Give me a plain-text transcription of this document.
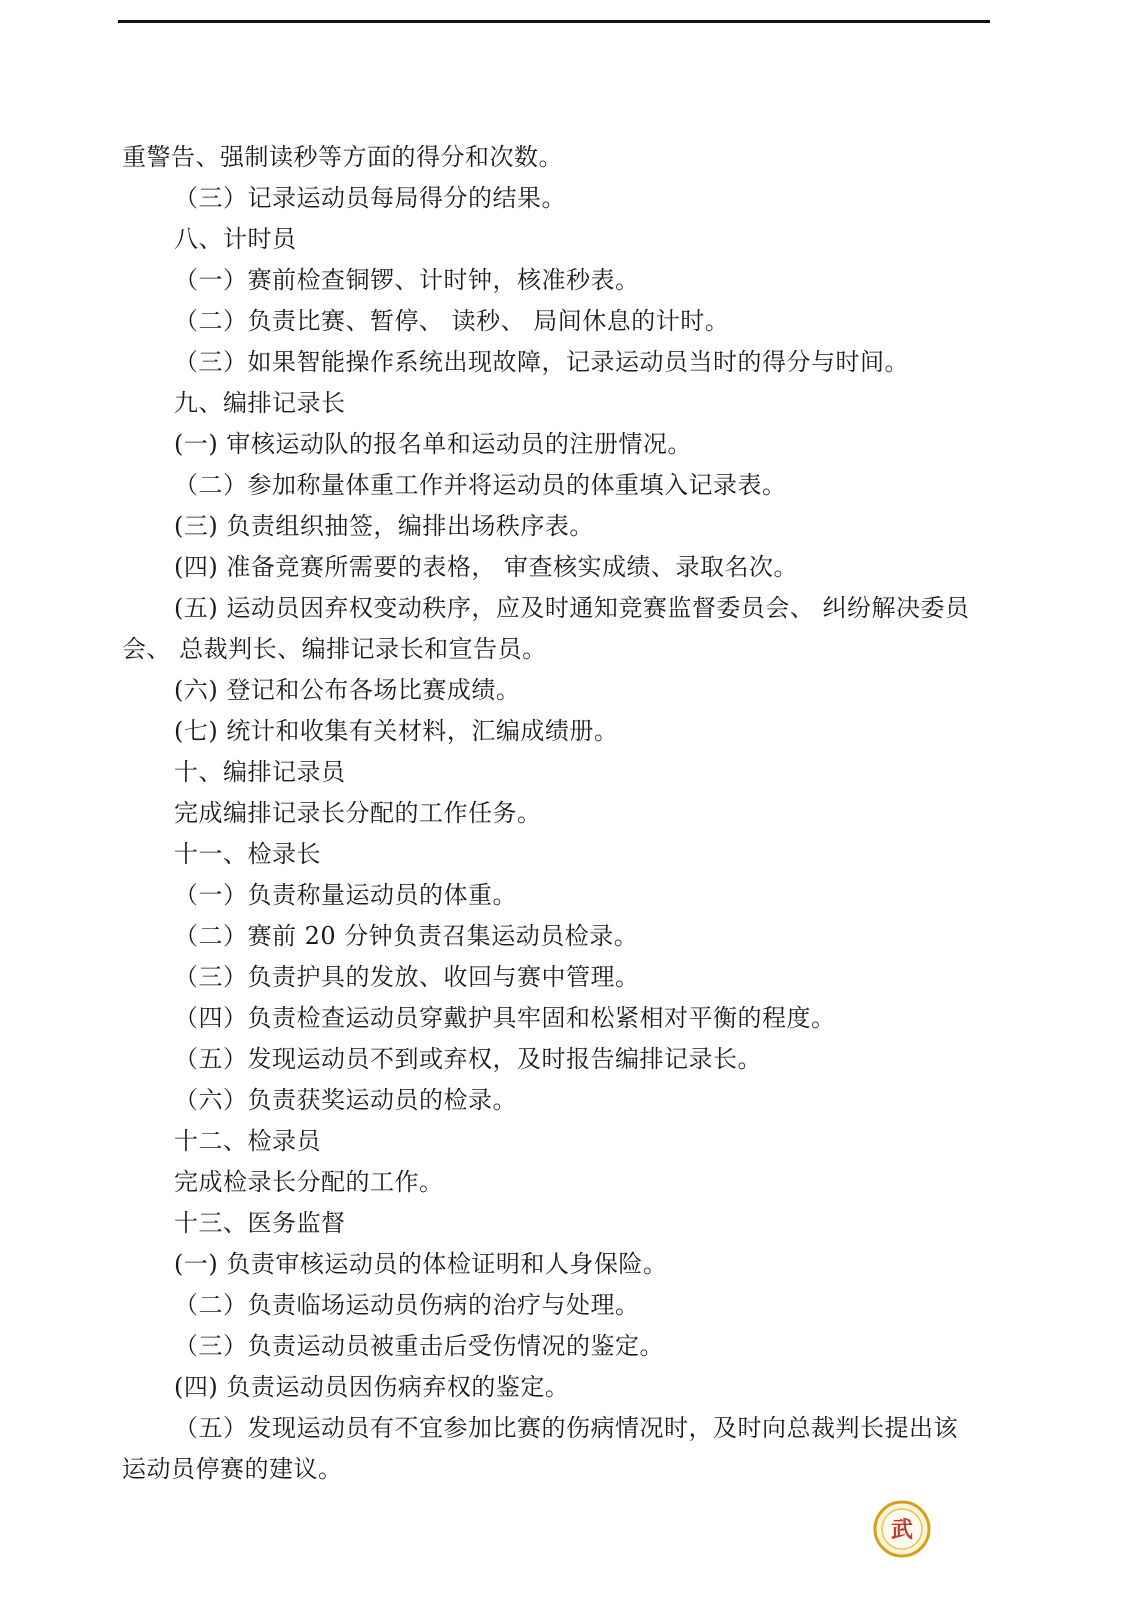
重警告、强制读秒等方面的得分和次数。

（三）记录运动员每局得分的结果。

八、计时员

（一）赛前检查铜锣、计时钟，核准秒表。

（二）负责比赛、暂停、 读秒、 局间休息的计时。

（三）如果智能操作系统出现故障，记录运动员当时的得分与时间。

九、编排记录长

(一) 审核运动队的报名单和运动员的注册情况。

（二）参加称量体重工作并将运动员的体重填入记录表。

(三) 负责组织抽签，编排出场秩序表。

(四) 准备竞赛所需要的表格， 审查核实成绩、录取名次。

(五) 运动员因弃权变动秩序，应及时通知竞赛监督委员会、 纠纷解决委员会、 总裁判长、编排记录长和宣告员。

(六) 登记和公布各场比赛成绩。

(七) 统计和收集有关材料，汇编成绩册。

十、编排记录员

完成编排记录长分配的工作任务。

十一、检录长

（一）负责称量运动员的体重。

（二）赛前 20 分钟负责召集运动员检录。

（三）负责护具的发放、收回与赛中管理。

（四）负责检查运动员穿戴护具牢固和松紧相对平衡的程度。

（五）发现运动员不到或弃权，及时报告编排记录长。

（六）负责获奖运动员的检录。

十二、检录员

完成检录长分配的工作。

十三、医务监督

(一) 负责审核运动员的体检证明和人身保险。

（二）负责临场运动员伤病的治疗与处理。

（三）负责运动员被重击后受伤情况的鉴定。

(四) 负责运动员因伤病弃权的鉴定。

（五）发现运动员有不宜参加比赛的伤病情况时，及时向总裁判长提出该运动员停赛的建议。

武
